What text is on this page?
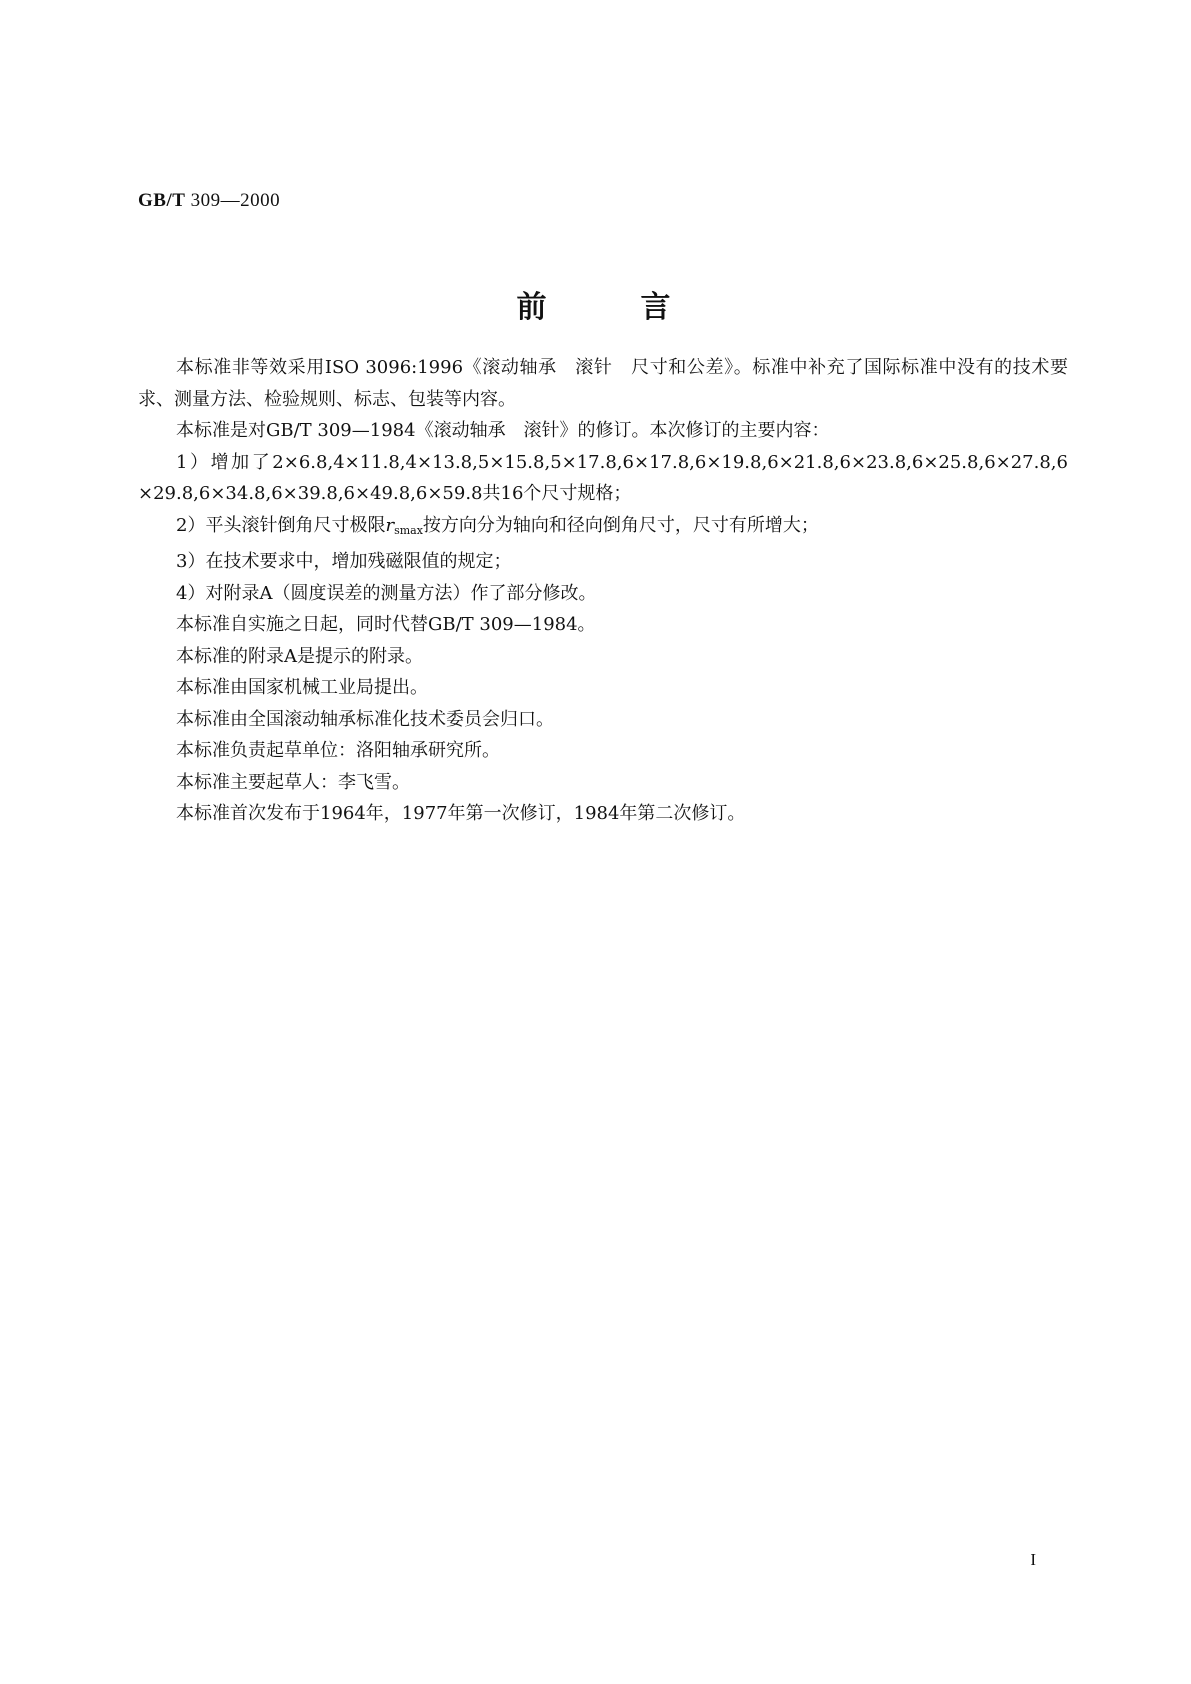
GB/T 309—2000
前	言

本标准非等效采用ISO 3096:1996《滚动轴承　滚针　尺寸和公差》。标准中补充了国际标准中没有的技术要求、测量方法、检验规则、标志、包装等内容。

本标准是对GB/T 309—1984《滚动轴承　滚针》的修订。本次修订的主要内容：

1）增加了2×6.8,4×11.8,4×13.8,5×15.8,5×17.8,6×17.8,6×19.8,6×21.8,6×23.8,6×25.8,6×27.8,6×29.8,6×34.8,6×39.8,6×49.8,6×59.8共16个尺寸规格；

2）平头滚针倒角尺寸极限$r_{smax}$按方向分为轴向和径向倒角尺寸，尺寸有所增大；

3）在技术要求中，增加残磁限值的规定；

4）对附录A（圆度误差的测量方法）作了部分修改。

本标准自实施之日起，同时代替GB/T 309—1984。

本标准的附录A是提示的附录。

本标准由国家机械工业局提出。

本标准由全国滚动轴承标准化技术委员会归口。

本标准负责起草单位：洛阳轴承研究所。

本标准主要起草人：李飞雪。

本标准首次发布于1964年，1977年第一次修订，1984年第二次修订。

I
